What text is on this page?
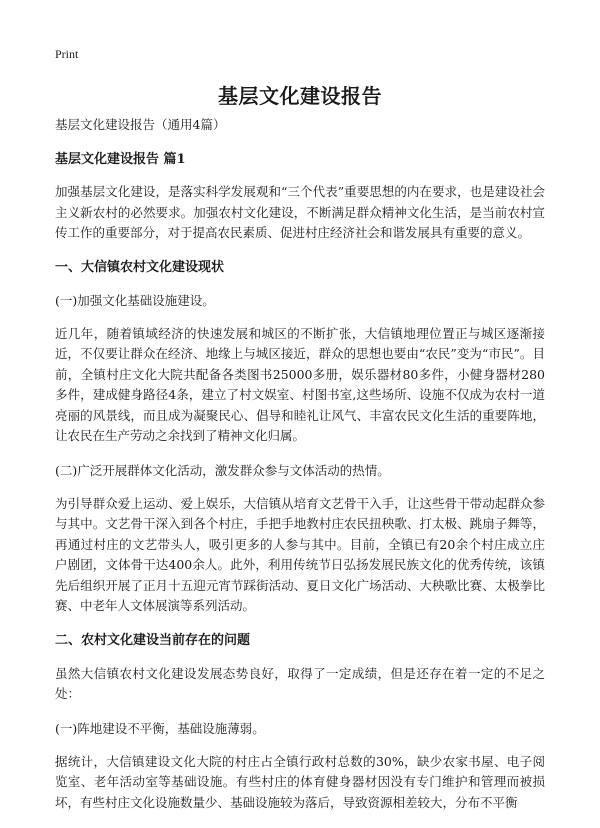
Print
基层文化建设报告

基层文化建设报告（通用4篇）

基层文化建设报告 篇1

加强基层文化建设，是落实科学发展观和“三个代表”重要思想的内在要求，也是建设社会主义新农村的必然要求。加强农村文化建设，不断满足群众精神文化生活，是当前农村宣传工作的重要部分，对于提高农民素质、促进村庄经济社会和谐发展具有重要的意义。

一、大信镇农村文化建设现状

(一)加强文化基础设施建设。

近几年，随着镇域经济的快速发展和城区的不断扩张，大信镇地理位置正与城区逐渐接近，不仅要让群众在经济、地缘上与城区接近，群众的思想也要由“农民”变为“市民”。目前，全镇村庄文化大院共配备各类图书25000多册，娱乐器材80多件，小健身器材280多件，建成健身路径4条，建立了村文娱室、村图书室,这些场所、设施不仅成为农村一道亮丽的风景线，而且成为凝聚民心、倡导和睦礼让风气、丰富农民文化生活的重要阵地，让农民在生产劳动之余找到了精神文化归属。

(二)广泛开展群体文化活动，激发群众参与文体活动的热情。

为引导群众爱上运动、爱上娱乐，大信镇从培育文艺骨干入手，让这些骨干带动起群众参与其中。文艺骨干深入到各个村庄，手把手地教村庄农民扭秧歌、打太极、跳扇子舞等，再通过村庄的文艺带头人，吸引更多的人参与其中。目前，全镇已有20余个村庄成立庄户剧团，文体骨干达400余人。此外，利用传统节日弘扬发展民族文化的优秀传统，该镇先后组织开展了正月十五迎元宵节踩街活动、夏日文化广场活动、大秧歌比赛、太极拳比赛、中老年人文体展演等系列活动。

二、农村文化建设当前存在的问题

虽然大信镇农村文化建设发展态势良好，取得了一定成绩，但是还存在着一定的不足之处：

(一)阵地建设不平衡，基础设施薄弱。

据统计，大信镇建设文化大院的村庄占全镇行政村总数的30%，缺少农家书屋、电子阅览室、老年活动室等基础设施。有些村庄的体育健身器材因没有专门维护和管理而被损坏，有些村庄文化设施数量少、基础设施较为落后，导致资源相差较大，分布不平衡
